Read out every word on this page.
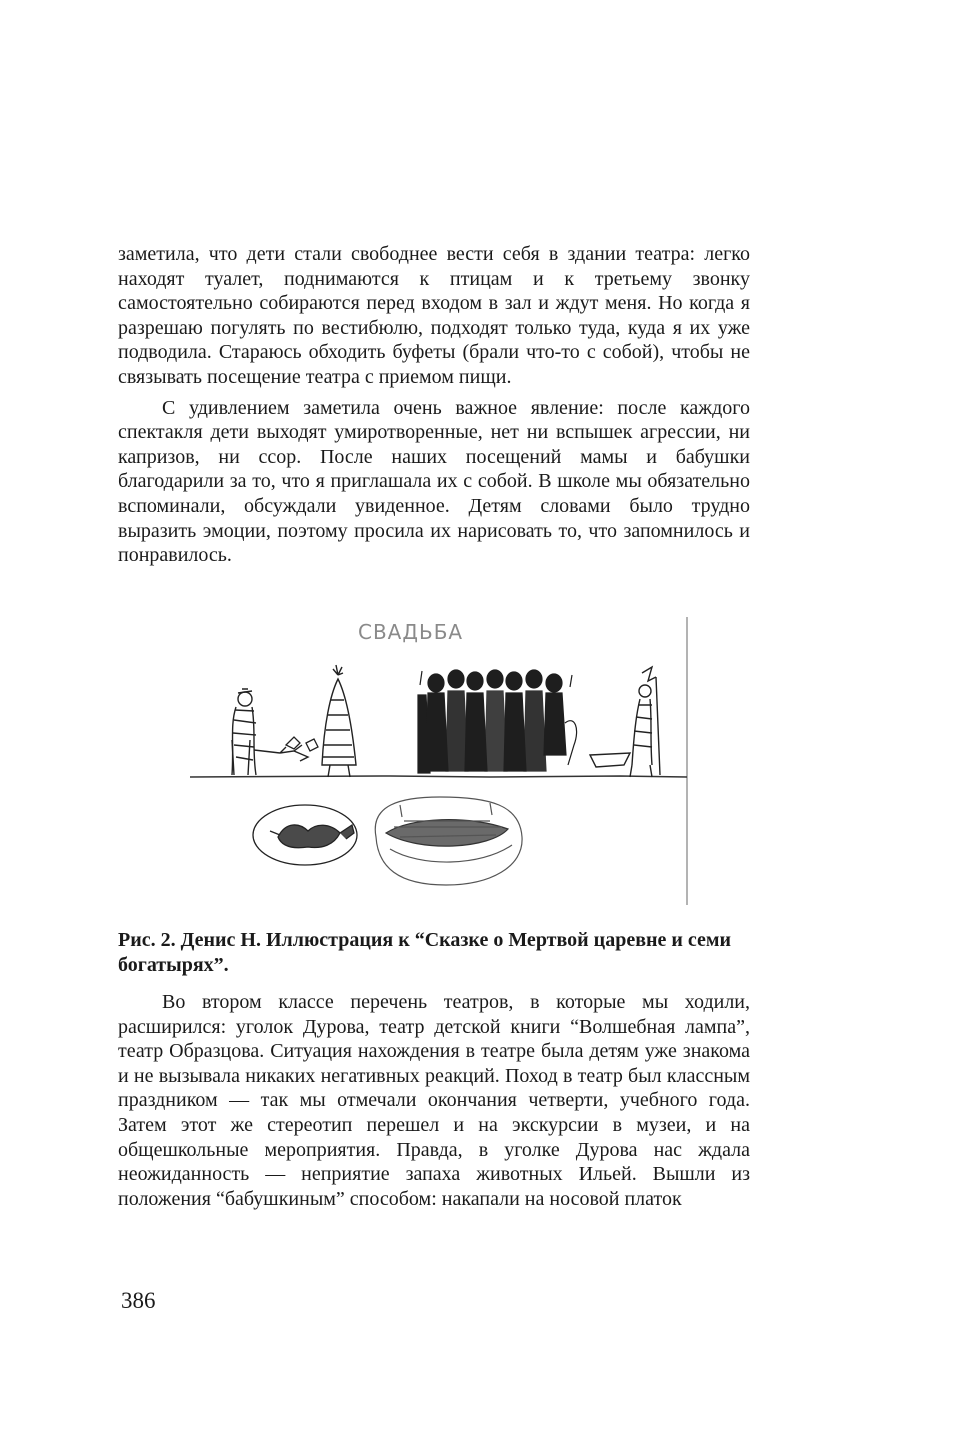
заметила, что дети стали свободнее вести себя в здании театра: легко находят туалет, поднимаются к птицам и к третьему звонку самостоятельно собираются перед входом в зал и ждут меня. Но когда я разрешаю погулять по вестибюлю, подходят только туда, куда я их уже подводила. Стараюсь обходить буфеты (брали что-то с собой), чтобы не связывать посещение театра с приемом пищи.

С удивлением заметила очень важное явление: после каждого спектакля дети выходят умиротворенные, нет ни вспышек агрессии, ни капризов, ни ссор. После наших посещений мамы и бабушки благодарили за то, что я приглашала их с собой. В школе мы обязательно вспоминали, обсуждали увиденное. Детям словами было трудно выразить эмоции, поэтому просила их нарисовать то, что запомнилось и понравилось.

СВАДЬБА

Рис. 2. Денис Н. Иллюстрация к “Сказке о Мертвой царевне и семи богатырях”.

Во втором классе перечень театров, в которые мы ходили, расширился: уголок Дурова, театр детской книги “Волшебная лампа”, театр Образцова. Ситуация нахождения в театре была детям уже знакома и не вызывала никаких негативных реакций. Поход в театр был классным праздником — так мы отмечали окончания четверти, учебного года. Затем этот же стереотип перешел и на экскурсии в музеи, и на общешкольные мероприятия. Правда, в уголке Дурова нас ждала неожиданность — неприятие запаха животных Ильей. Вышли из положения “бабушкиным” способом: накапали на носовой платок

386
